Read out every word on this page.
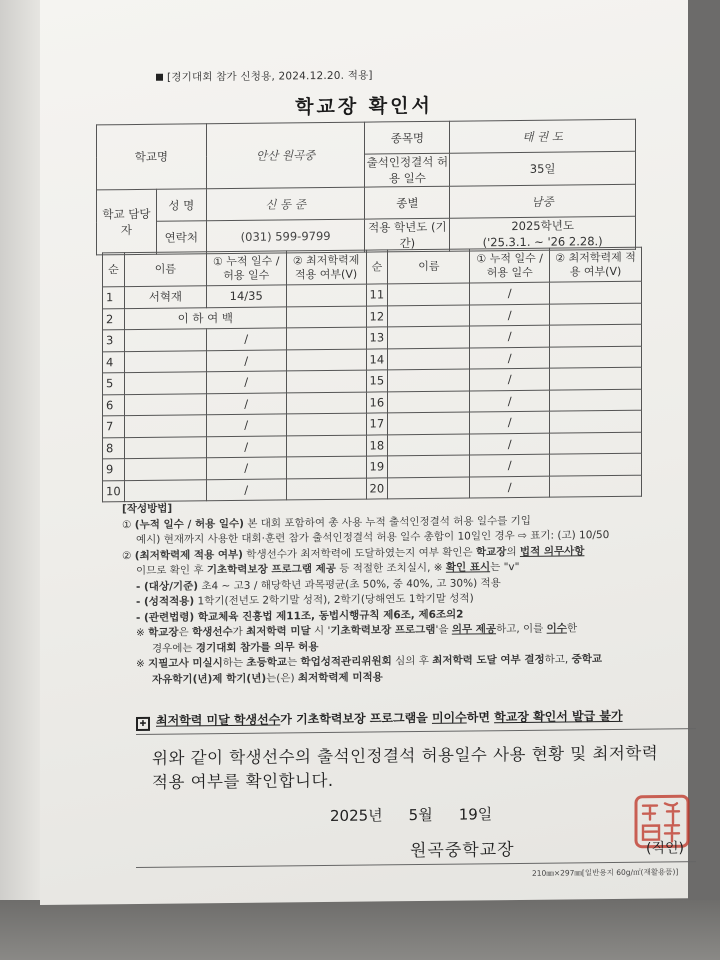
[경기대회 참가 신청용, 2024.12.20. 적용]
학교장 확인서
학교명		안산 원곡중	종목명	태 권 도
			출석인정결석 허용 일수	35일
학교 담당자	성 명	신 동 준	종별	남중
	연락처	(031) 599-9799	적용 학년도 (기간)	2025학년도
('25.3.1. ~ '26 2.28.)
순	이름	① 누적 일수 / 허용 일수	② 최저학력제 적용 여부(V)	순	이름	① 누적 일수 / 허용 일수	② 최저학력제 적용 여부(V)
1	서혁재	14/35		11		/	
2	이 하 여 백			12		/	
3		/		13		/	
4		/		14		/	
5		/		15		/	
6		/		16		/	
7		/		17		/	
8		/		18		/	
9		/		19		/	
10		/		20		/	
[작성방법]
① (누적 일수 / 허용 일수) 본 대회 포함하여 총 사용 누적 출석인정결석 허용 일수를 기입
예시) 현재까지 사용한 대회·훈련 참가 출석인정결석 허용 일수 총합이 10일인 경우 ⇨ 표기: (고) 10/50
② (최저학력제 적용 여부) 학생선수가 최저학력에 도달하였는지 여부 확인은 학교장의 법적 의무사항
이므로 확인 후 기초학력보장 프로그램 제공 등 적절한 조치실시, ※ 확인 표시는 "v"
- (대상/기준) 초4 ~ 고3 / 해당학년 과목평균(초 50%, 중 40%, 고 30%) 적용
- (성적적용) 1학기(전년도 2학기말 성적), 2학기(당해연도 1학기말 성적)
- (관련법령) 학교체육 진흥법 제11조, 동법시행규칙 제6조, 제6조의2
※ 학교장은 학생선수가 최저학력 미달 시 '기초학력보장 프로그램'을 의무 제공하고, 이를 이수한
경우에는 경기대회 참가를 의무 허용
※ 지필고사 미실시하는 초등학교는 학업성적관리위원회 심의 후 최저학력 도달 여부 결정하고, 중학교
자유학기(년)제 학기(년)는(은) 최저학력제 미적용
✚ 최저학력 미달 학생선수가 기초학력보장 프로그램을 미이수하면 학교장 확인서 발급 불가
위와 같이 학생선수의 출석인정결석 허용일수 사용 현황 및 최저학력
적용 여부를 확인합니다.
2025년 5월 19일
원곡중학교장	(직인)
210㎜×297㎜[일반용지 60g/㎡(재활용품)]
